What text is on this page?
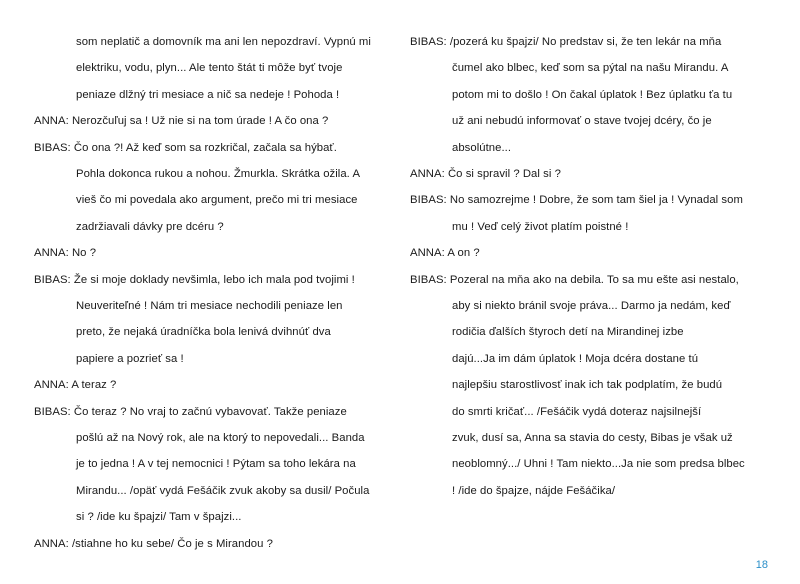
som neplatič a domovník ma ani len nepozdraví. Vypnú mi
elektriku, vodu, plyn... Ale tento štát ti môže byť tvoje
peniaze dlžný tri mesiace a nič sa nedeje ! Pohoda !
ANNA: Nerozčuľuj sa ! Už nie si na tom úrade ! A čo ona ?
BIBAS: Čo ona ?! Až keď som sa rozkričal, začala sa hýbať.
Pohla dokonca rukou a nohou. Žmurkla. Skrátka ožila. A
vieš čo mi povedala ako argument, prečo mi tri mesiace
zadržiavali dávky pre dcéru ?
ANNA: No ?
BIBAS: Že si moje doklady nevšimla, lebo ich mala pod tvojimi !
Neuveriteľné ! Nám tri mesiace nechodili peniaze len
preto, že nejaká úradníčka bola lenivá dvihnúť dva
papiere a pozrieť sa !
ANNA: A teraz ?
BIBAS: Čo teraz ? No vraj to začnú vybavovať. Takže peniaze
pošlú až na Nový rok, ale na ktorý to nepovedali... Banda
je to jedna ! A v tej nemocnici ! Pýtam sa toho lekára na
Mirandu... /opäť vydá Fešáčik zvuk akoby sa dusil/ Počula
si ? /ide ku špajzi/ Tam v špajzi...
ANNA: /stiahne ho ku sebe/ Čo je s Mirandou ?
BIBAS: /pozerá ku špajzi/ No predstav si, že ten lekár na mňa
čumel ako blbec, keď som sa pýtal na našu Mirandu. A
potom mi to došlo ! On čakal úplatok ! Bez úplatku ťa tu
už ani nebudú informovať o stave tvojej dcéry, čo je
absolútne...
ANNA: Čo si spravil ? Dal si ?
BIBAS: No samozrejme ! Dobre, že som tam šiel ja ! Vynadal som
mu ! Veď celý život platím poistné !
ANNA: A on ?
BIBAS: Pozeral na mňa ako na debila. To sa mu ešte asi nestalo,
aby si niekto bránil svoje práva... Darmo ja nedám, keď
rodičia ďalších štyroch detí na Mirandinej izbe
dajú...Ja im dám úplatok ! Moja dcéra dostane tú
najlepšiu starostlivosť inak ich tak podplatím, že budú
do smrti kričať... /Fešáčik vydá doteraz najsilnejší
zvuk, dusí sa, Anna sa stavia do cesty, Bibas je však už
neoblomný.../ Uhni ! Tam niekto...Ja nie som predsa blbec
! /ide do špajze, nájde Fešáčika/
18
